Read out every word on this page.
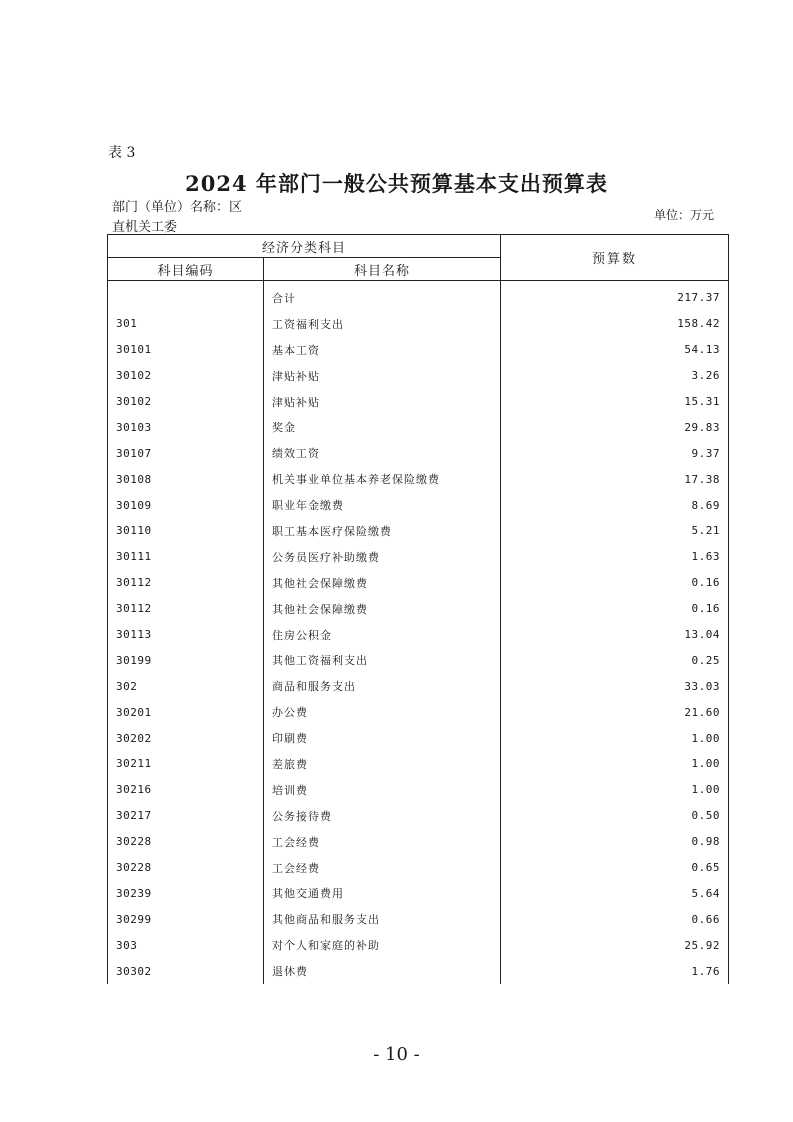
表 3
2024 年部门一般公共预算基本支出预算表
部门（单位）名称：区
直机关工委
单位：万元
经济分类科目		预算数
科目编码	科目名称	
	合计	217.37
301	工资福利支出	158.42
30101	基本工资	54.13
30102	津贴补贴	3.26
30102	津贴补贴	15.31
30103	奖金	29.83
30107	绩效工资	9.37
30108	机关事业单位基本养老保险缴费	17.38
30109	职业年金缴费	8.69
30110	职工基本医疗保险缴费	5.21
30111	公务员医疗补助缴费	1.63
30112	其他社会保障缴费	0.16
30112	其他社会保障缴费	0.16
30113	住房公积金	13.04
30199	其他工资福利支出	0.25
302	商品和服务支出	33.03
30201	办公费	21.60
30202	印刷费	1.00
30211	差旅费	1.00
30216	培训费	1.00
30217	公务接待费	0.50
30228	工会经费	0.98
30228	工会经费	0.65
30239	其他交通费用	5.64
30299	其他商品和服务支出	0.66
303	对个人和家庭的补助	25.92
30302	退休费	1.76
- 10 -
